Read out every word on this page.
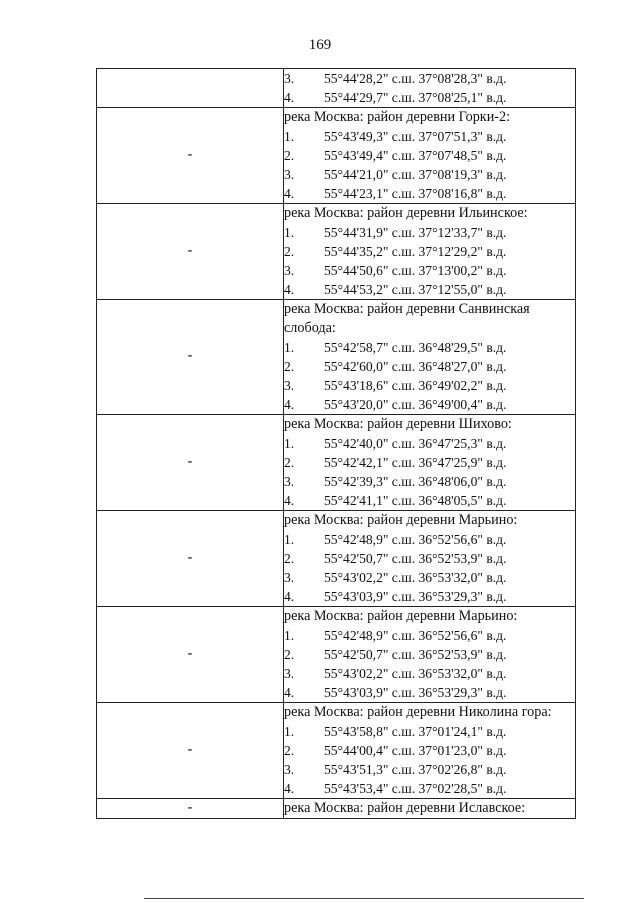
169

	3. 55°44'28,2" с.ш. 37°08'28,3" в.д.
4. 55°44'29,7" с.ш. 37°08'25,1" в.д.

-	река Москва: район деревни Горки-2:
1. 55°43'49,3" с.ш. 37°07'51,3" в.д.
2. 55°43'49,4" с.ш. 37°07'48,5" в.д.
3. 55°44'21,0" с.ш. 37°08'19,3" в.д.
4. 55°44'23,1" с.ш. 37°08'16,8" в.д.

-	река Москва: район деревни Ильинское:
1. 55°44'31,9" с.ш. 37°12'33,7" в.д.
2. 55°44'35,2" с.ш. 37°12'29,2" в.д.
3. 55°44'50,6" с.ш. 37°13'00,2" в.д.
4. 55°44'53,2" с.ш. 37°12'55,0" в.д.

-	река Москва: район деревни Санвинская слобода:
1. 55°42'58,7" с.ш. 36°48'29,5" в.д.
2. 55°42'60,0" с.ш. 36°48'27,0" в.д.
3. 55°43'18,6" с.ш. 36°49'02,2" в.д.
4. 55°43'20,0" с.ш. 36°49'00,4" в.д.

-	река Москва: район деревни Шихово:
1. 55°42'40,0" с.ш. 36°47'25,3" в.д.
2. 55°42'42,1" с.ш. 36°47'25,9" в.д.
3. 55°42'39,3" с.ш. 36°48'06,0" в.д.
4. 55°42'41,1" с.ш. 36°48'05,5" в.д.

-	река Москва: район деревни Марьино:
1. 55°42'48,9" с.ш. 36°52'56,6" в.д.
2. 55°42'50,7" с.ш. 36°52'53,9" в.д.
3. 55°43'02,2" с.ш. 36°53'32,0" в.д.
4. 55°43'03,9" с.ш. 36°53'29,3" в.д.

-	река Москва: район деревни Марьино:
1. 55°42'48,9" с.ш. 36°52'56,6" в.д.
2. 55°42'50,7" с.ш. 36°52'53,9" в.д.
3. 55°43'02,2" с.ш. 36°53'32,0" в.д.
4. 55°43'03,9" с.ш. 36°53'29,3" в.д.

-	река Москва: район деревни Николина гора:
1. 55°43'58,8" с.ш. 37°01'24,1" в.д.
2. 55°44'00,4" с.ш. 37°01'23,0" в.д.
3. 55°43'51,3" с.ш. 37°02'26,8" в.д.
4. 55°43'53,4" с.ш. 37°02'28,5" в.д.

-	река Москва: район деревни Иславское:
